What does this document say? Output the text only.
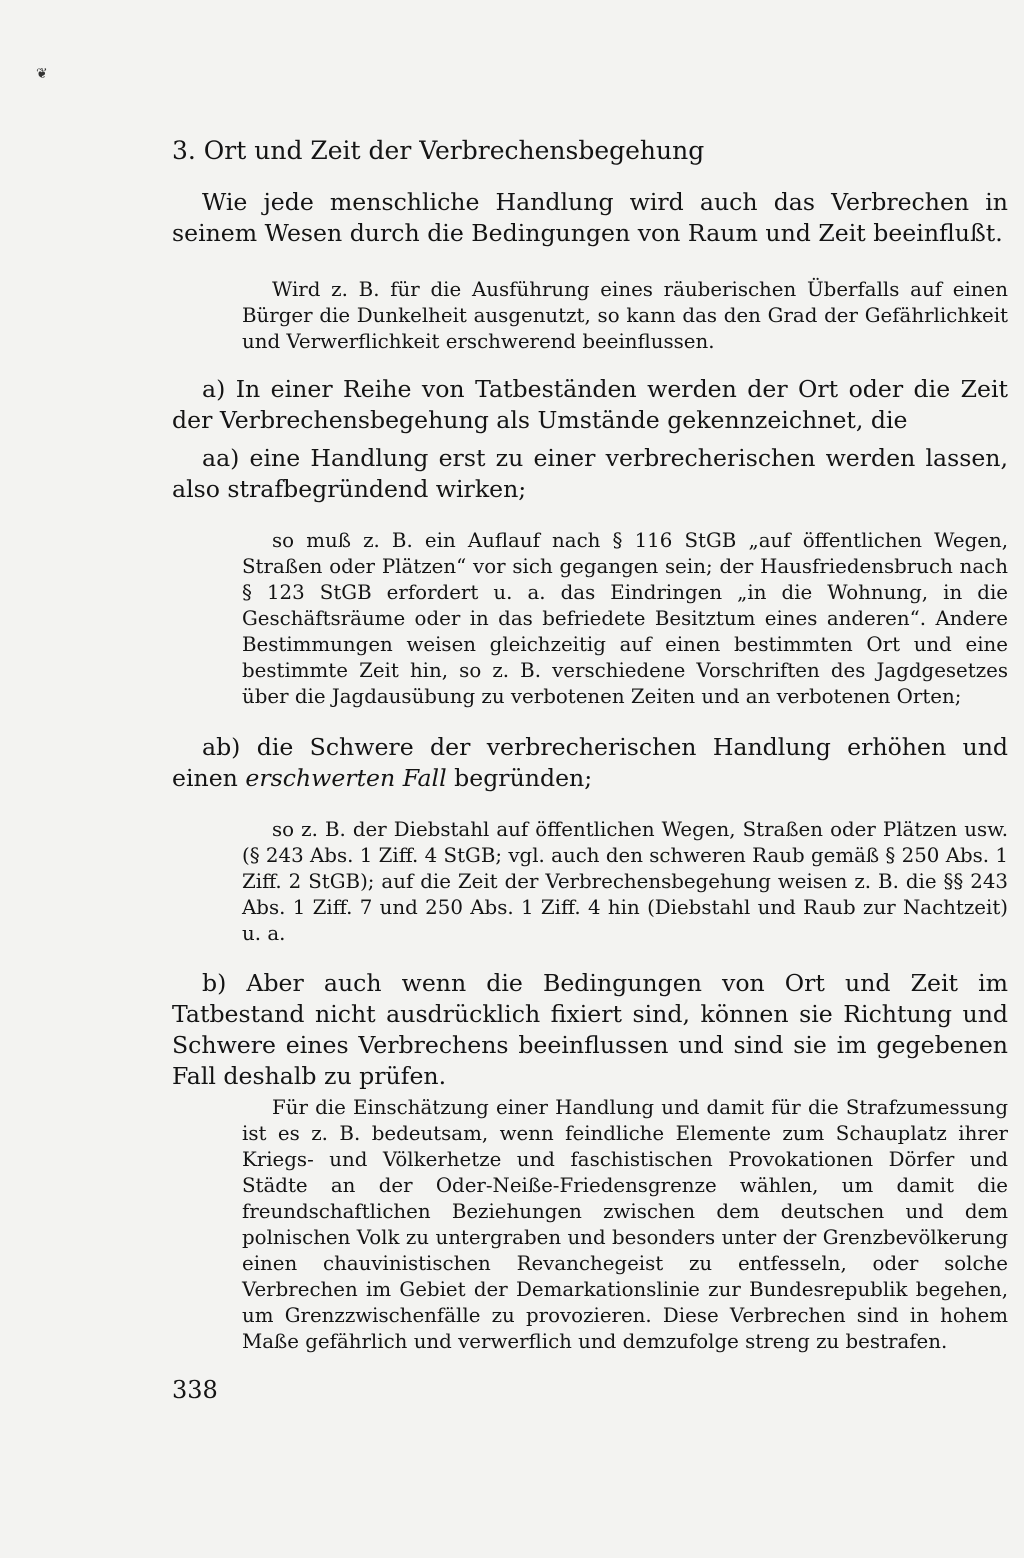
❦
3. Ort und Zeit der Verbrechensbegehung

Wie jede menschliche Handlung wird auch das Verbrechen in seinem Wesen durch die Bedingungen von Raum und Zeit beeinflußt.

Wird z. B. für die Ausführung eines räuberischen Überfalls auf einen Bürger die Dunkelheit ausgenutzt, so kann das den Grad der Gefährlichkeit und Verwerflichkeit erschwerend beeinflussen.

a) In einer Reihe von Tatbeständen werden der Ort oder die Zeit der Verbrechensbegehung als Umstände gekennzeichnet, die

aa) eine Handlung erst zu einer verbrecherischen werden lassen, also strafbegründend wirken;

so muß z. B. ein Auflauf nach § 116 StGB „auf öffentlichen Wegen, Straßen oder Plätzen“ vor sich gegangen sein; der Hausfriedensbruch nach § 123 StGB erfordert u. a. das Eindringen „in die Wohnung, in die Geschäftsräume oder in das befriedete Besitztum eines anderen“. Andere Bestimmungen weisen gleichzeitig auf einen bestimmten Ort und eine bestimmte Zeit hin, so z. B. verschiedene Vorschriften des Jagdgesetzes über die Jagdausübung zu verbotenen Zeiten und an verbotenen Orten;

ab) die Schwere der verbrecherischen Handlung erhöhen und einen erschwerten Fall begründen;

so z. B. der Diebstahl auf öffentlichen Wegen, Straßen oder Plätzen usw. (§ 243 Abs. 1 Ziff. 4 StGB; vgl. auch den schweren Raub gemäß § 250 Abs. 1 Ziff. 2 StGB); auf die Zeit der Verbrechensbegehung weisen z. B. die §§ 243 Abs. 1 Ziff. 7 und 250 Abs. 1 Ziff. 4 hin (Diebstahl und Raub zur Nachtzeit) u. a.

b) Aber auch wenn die Bedingungen von Ort und Zeit im Tatbestand nicht ausdrücklich fixiert sind, können sie Richtung und Schwere eines Verbrechens beeinflussen und sind sie im gegebenen Fall deshalb zu prüfen.

Für die Einschätzung einer Handlung und damit für die Strafzumessung ist es z. B. bedeutsam, wenn feindliche Elemente zum Schauplatz ihrer Kriegs- und Völkerhetze und faschistischen Provokationen Dörfer und Städte an der Oder-Neiße-Friedensgrenze wählen, um damit die freundschaftlichen Beziehungen zwischen dem deutschen und dem polnischen Volk zu untergraben und besonders unter der Grenzbevölkerung einen chauvinistischen Revanchegeist zu entfesseln, oder solche Verbrechen im Gebiet der Demarkationslinie zur Bundesrepublik begehen, um Grenzzwischenfälle zu provozieren. Diese Verbrechen sind in hohem Maße gefährlich und verwerflich und demzufolge streng zu bestrafen.

338
